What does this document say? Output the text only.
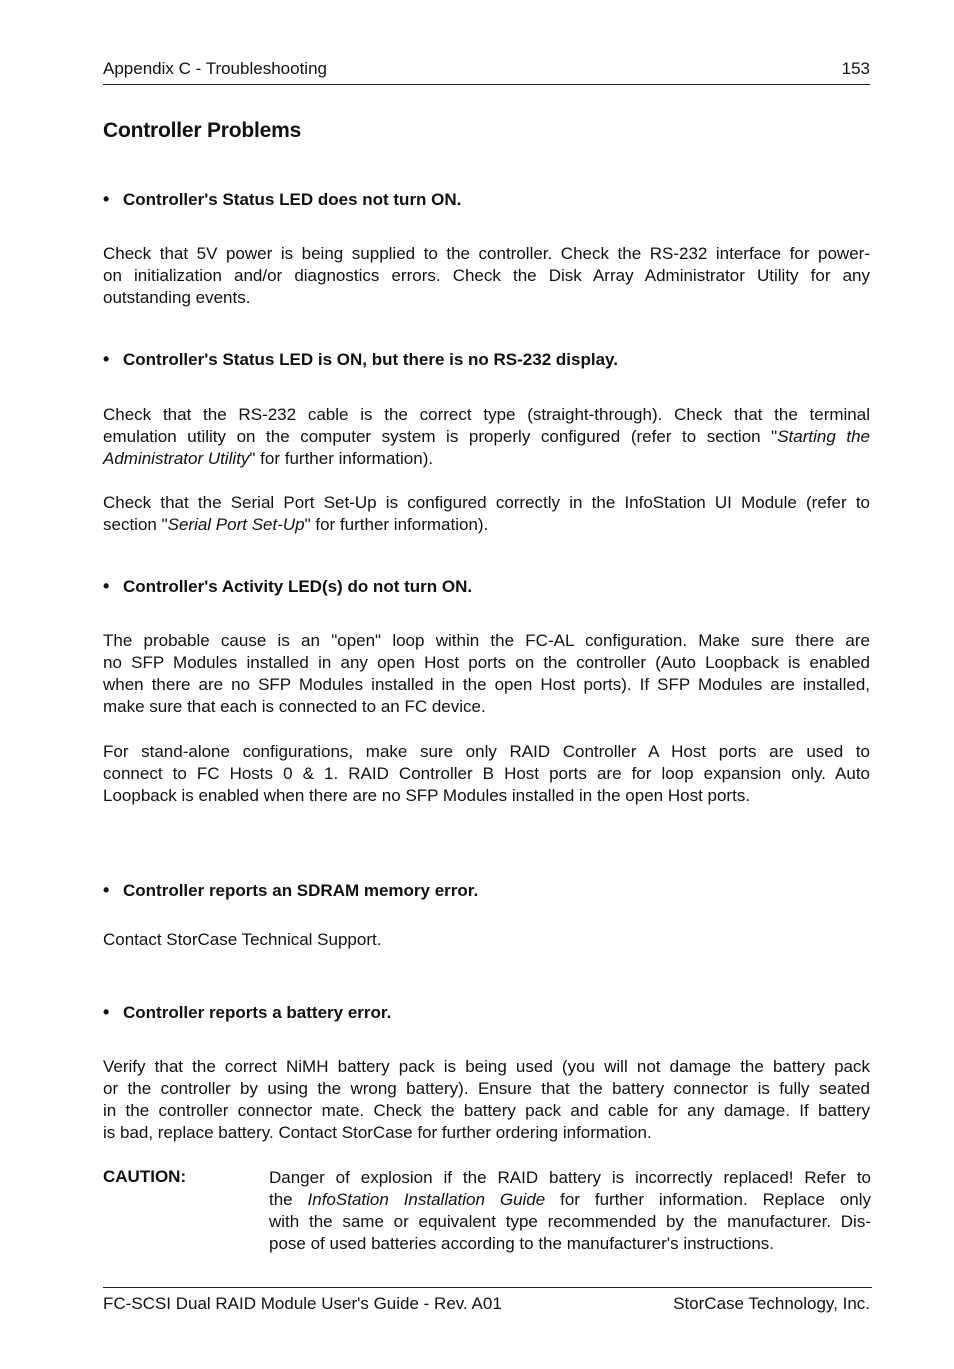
Appendix C - Troubleshooting	153
Controller Problems
• Controller's Status LED does not turn ON.
Check that 5V power is being supplied to the controller. Check the RS-232 interface for power-
on initialization and/or diagnostics errors. Check the Disk Array Administrator Utility for any
outstanding events.
• Controller's Status LED is ON, but there is no RS-232 display.
Check that the RS-232 cable is the correct type (straight-through). Check that the terminal
emulation utility on the computer system is properly configured (refer to section "Starting the
Administrator Utility" for further information).
Check that the Serial Port Set-Up is configured correctly in the InfoStation UI Module (refer to
section "Serial Port Set-Up" for further information).
• Controller's Activity LED(s) do not turn ON.
The probable cause is an "open" loop within the FC-AL configuration. Make sure there are
no SFP Modules installed in any open Host ports on the controller (Auto Loopback is enabled
when there are no SFP Modules installed in the open Host ports). If SFP Modules are installed,
make sure that each is connected to an FC device.
For stand-alone configurations, make sure only RAID Controller A Host ports are used to
connect to FC Hosts 0 & 1. RAID Controller B Host ports are for loop expansion only. Auto
Loopback is enabled when there are no SFP Modules installed in the open Host ports.
• Controller reports an SDRAM memory error.
Contact StorCase Technical Support.
• Controller reports a battery error.
Verify that the correct NiMH battery pack is being used (you will not damage the battery pack
or the controller by using the wrong battery). Ensure that the battery connector is fully seated
in the controller connector mate. Check the battery pack and cable for any damage. If battery
is bad, replace battery. Contact StorCase for further ordering information.
CAUTION:	Danger of explosion if the RAID battery is incorrectly replaced! Refer to
the InfoStation Installation Guide for further information. Replace only
with the same or equivalent type recommended by the manufacturer. Dis-
pose of used batteries according to the manufacturer's instructions.
FC-SCSI Dual RAID Module User's Guide - Rev. A01	StorCase Technology, Inc.
